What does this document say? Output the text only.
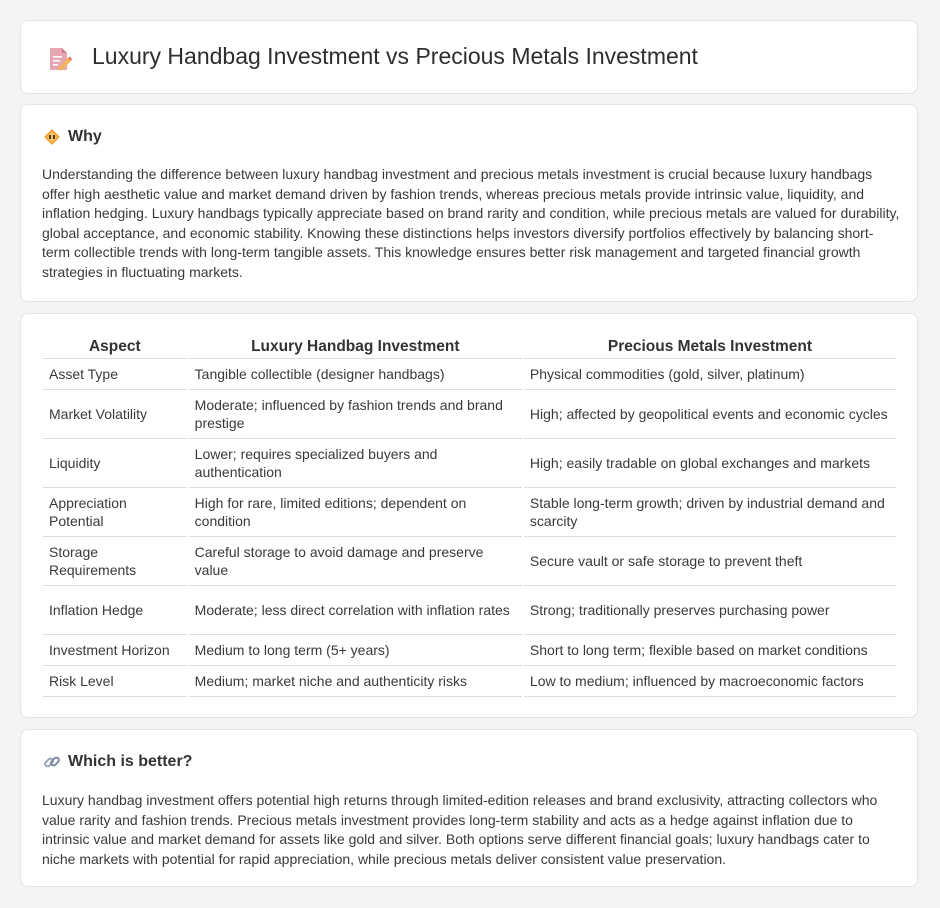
Luxury Handbag Investment vs Precious Metals Investment
Why

Understanding the difference between luxury handbag investment and precious metals investment is crucial because luxury handbags offer high aesthetic value and market demand driven by fashion trends, whereas precious metals provide intrinsic value, liquidity, and inflation hedging. Luxury handbags typically appreciate based on brand rarity and condition, while precious metals are valued for durability, global acceptance, and economic stability. Knowing these distinctions helps investors diversify portfolios effectively by balancing short-term collectible trends with long-term tangible assets. This knowledge ensures better risk management and targeted financial growth strategies in fluctuating markets.

Aspect	Luxury Handbag Investment	Precious Metals Investment
Asset Type	Tangible collectible (designer handbags)	Physical commodities (gold, silver, platinum)
Market Volatility	Moderate; influenced by fashion trends and brand prestige	High; affected by geopolitical events and economic cycles
Liquidity	Lower; requires specialized buyers and authentication	High; easily tradable on global exchanges and markets
Appreciation Potential	High for rare, limited editions; dependent on condition	Stable long-term growth; driven by industrial demand and scarcity
Storage Requirements	Careful storage to avoid damage and preserve value	Secure vault or safe storage to prevent theft
Inflation Hedge	Moderate; less direct correlation with inflation rates	Strong; traditionally preserves purchasing power
Investment Horizon	Medium to long term (5+ years)	Short to long term; flexible based on market conditions
Risk Level	Medium; market niche and authenticity risks	Low to medium; influenced by macroeconomic factors
Which is better?

Luxury handbag investment offers potential high returns through limited-edition releases and brand exclusivity, attracting collectors who value rarity and fashion trends. Precious metals investment provides long-term stability and acts as a hedge against inflation due to intrinsic value and market demand for assets like gold and silver. Both options serve different financial goals; luxury handbags cater to niche markets with potential for rapid appreciation, while precious metals deliver consistent value preservation.
